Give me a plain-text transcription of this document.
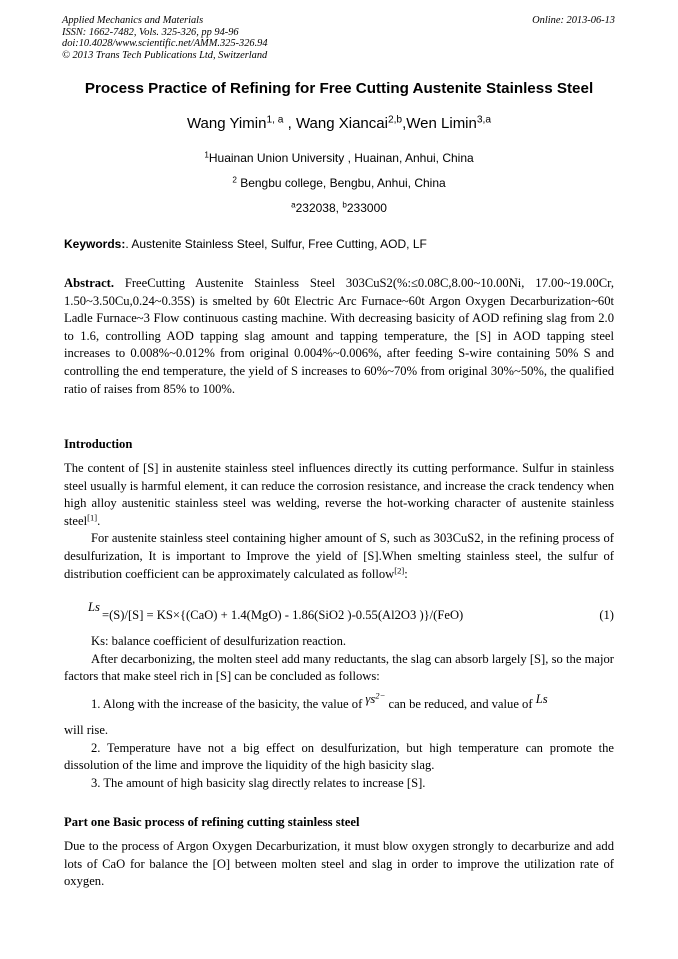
Applied Mechanics and Materials
ISSN: 1662-7482, Vols. 325-326, pp 94-96
doi:10.4028/www.scientific.net/AMM.325-326.94
© 2013 Trans Tech Publications Ltd, Switzerland
Online: 2013-06-13
Process Practice of Refining for Free Cutting Austenite Stainless Steel
Wang Yimin$^{1, a}$ , Wang Xiancai$^{2,b}$,Wen Limin$^{3,a}$
$^1$Huainan Union University , Huainan, Anhui, China
$^2$ Bengbu college, Bengbu, Anhui, China
$^a$232038, $^b$233000
Keywords:. Austenite Stainless Steel, Sulfur, Free Cutting, AOD, LF

Abstract. FreeCutting Austenite Stainless Steel 303CuS2(%:≤0.08C,8.00~10.00Ni, 17.00~19.00Cr, 1.50~3.50Cu,0.24~0.35S) is smelted by 60t Electric Arc Furnace~60t Argon Oxygen Decarburization~60t Ladle Furnace~3 Flow continuous casting machine. With decreasing basicity of AOD refining slag from 2.0 to 1.6, controlling AOD tapping slag amount and tapping temperature, the [S] in AOD tapping steel increases to 0.008%~0.012% from original 0.004%~0.006%, after feeding S-wire containing 50% S and controlling the end temperature, the yield of S increases to 60%~70% from original 30%~50%, the qualified ratio of raises from 85% to 100%.

Introduction

The content of [S] in austenite stainless steel influences directly its cutting performance. Sulfur in stainless steel usually is harmful element, it can reduce the corrosion resistance, and increase the crack tendency when high alloy austenitic stainless steel was welding, reverse the hot-working character of austenite stainless steel[1].

For austenite stainless steel containing higher amount of S, such as 303CuS2, in the refining process of desulfurization, It is important to Improve the yield of [S].When smelting stainless steel, the sulfur of distribution coefficient can be approximately calculated as follow[2]:

Ls
=(S)/[S] = KS×{(CaO) + 1.4(MgO) - 1.86(SiO2 )-0.55(Al2O3 )}/(FeO)	(1)

Ks: balance coefficient of desulfurization reaction.

After decarbonizing, the molten steel add many reductants, the slag can absorb largely [S], so the major factors that make steel rich in [S] can be concluded as follows:

1. Along with the increase of the basicity, the value of $\gamma s^{2-}$ can be reduced, and value of Ls

will rise.

2. Temperature have not a big effect on desulfurization, but high temperature can promote the dissolution of the lime and improve the liquidity of the high basicity slag.

3. The amount of high basicity slag directly relates to increase [S].

Part one Basic process of refining cutting stainless steel

Due to the process of Argon Oxygen Decarburization, it must blow oxygen strongly to decarburize and add lots of CaO for balance the [O] between molten steel and slag in order to improve the utilization rate of oxygen.
